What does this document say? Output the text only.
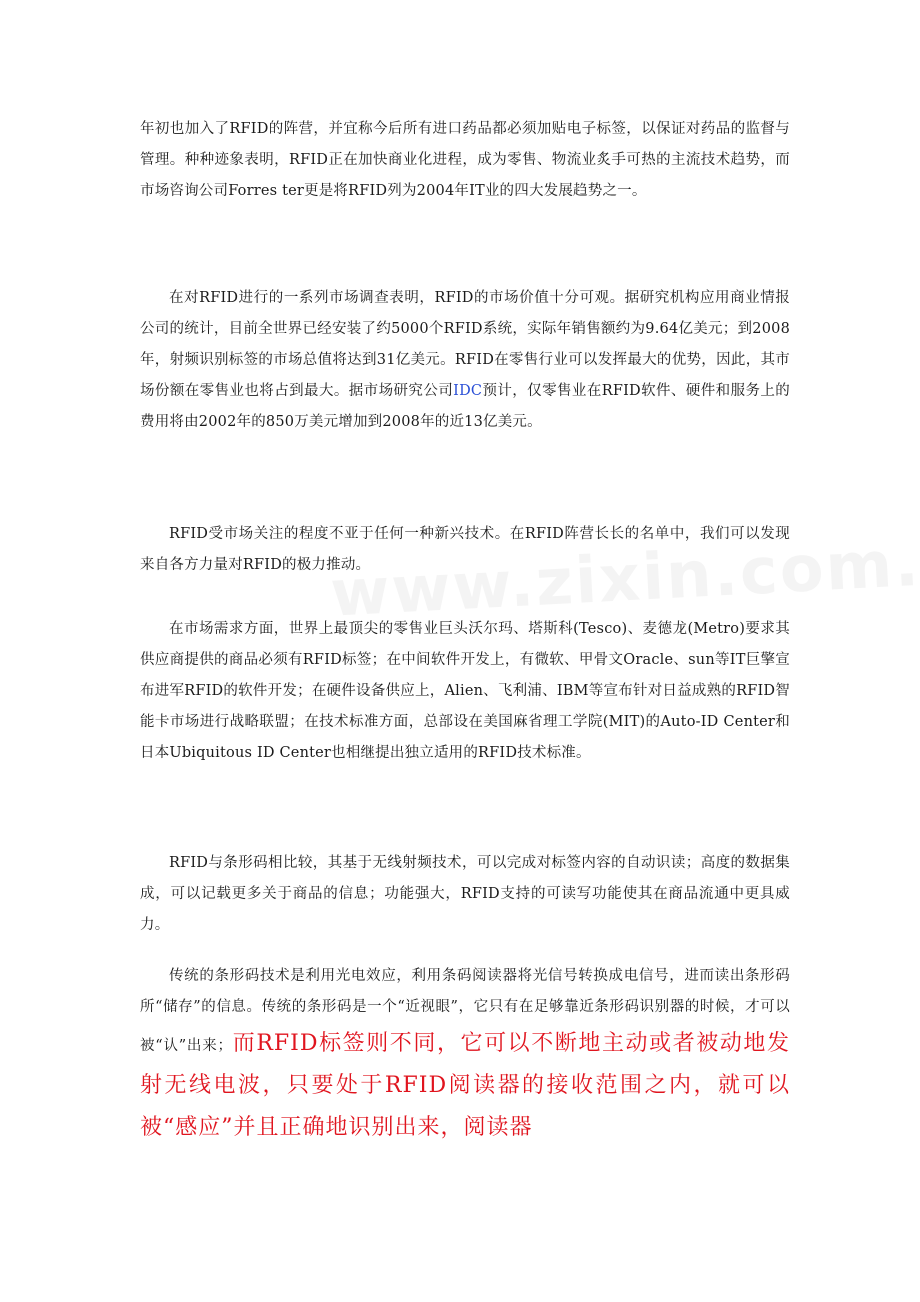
年初也加入了RFID的阵营，并宜称今后所有进口药品都必须加贴电子标签，以保证对药品的监督与管理。种种迹象表明，RFID正在加快商业化进程，成为零售、物流业炙手可热的主流技术趋势，而市场咨询公司Forres ter更是将RFID列为2004年IT业的四大发展趋势之一。

在对RFID进行的一系列市场调查表明，RFID的市场价值十分可观。据研究机构应用商业情报公司的统计，目前全世界已经安装了约5000个RFID系统，实际年销售额约为9.64亿美元；到2008年，射频识别标签的市场总值将达到31亿美元。RFID在零售行业可以发挥最大的优势，因此，其市场份额在零售业也将占到最大。据市场研究公司IDC预计，仅零售业在RFID软件、硬件和服务上的费用将由2002年的850万美元增加到2008年的近13亿美元。

RFID受市场关注的程度不亚于任何一种新兴技术。在RFID阵营长长的名单中，我们可以发现来自各方力量对RFID的极力推动。

在市场需求方面，世界上最顶尖的零售业巨头沃尔玛、塔斯科(Tesco)、麦德龙(Metro)要求其供应商提供的商品必须有RFID标签；在中间软件开发上，有微软、甲骨文Oracle、sun等IT巨擎宣布进军RFID的软件开发；在硬件设备供应上，Alien、飞利浦、IBM等宣布针对日益成熟的RFID智能卡市场进行战略联盟；在技术标准方面，总部设在美国麻省理工学院(MIT)的Auto-ID Center和日本Ubiquitous ID Center也相继提出独立适用的RFID技术标准。

RFID与条形码相比较，其基于无线射频技术，可以完成对标签内容的自动识读；高度的数据集成，可以记载更多关于商品的信息；功能强大，RFID支持的可读写功能使其在商品流通中更具威力。

传统的条形码技术是利用光电效应，利用条码阅读器将光信号转换成电信号，进而读出条形码所“储存”的信息。传统的条形码是一个“近视眼”，它只有在足够靠近条形码识别器的时候，才可以被“认”出来；而RFID标签则不同，它可以不断地主动或者被动地发射无线电波，只要处于RFID阅读器的接收范围之内，就可以被“感应”并且正确地识别出来，阅读器
